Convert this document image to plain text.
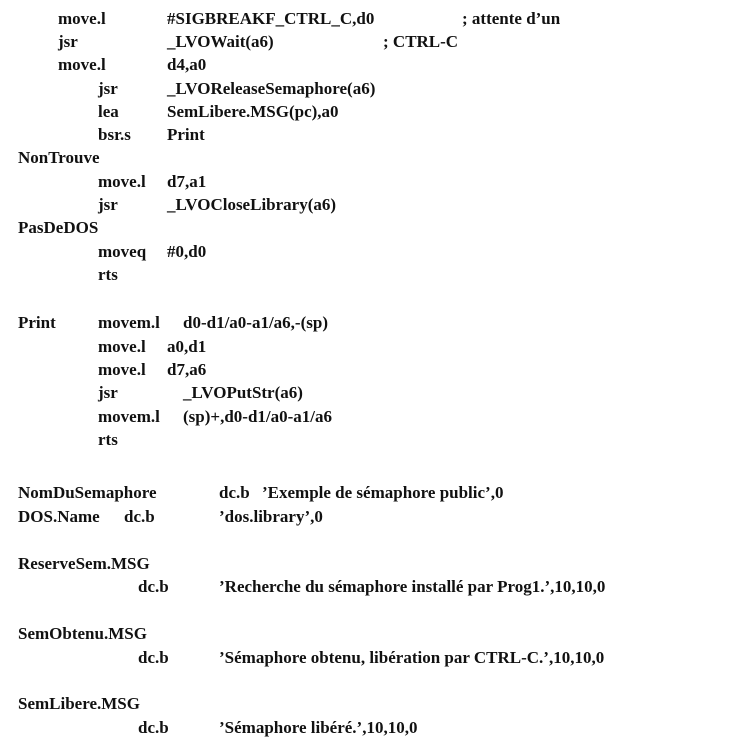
move.l	#SIGBREAKF_CTRL_C,d0	; attente d’un
jsr	_LVOWait(a6)	; CTRL-C
move.l	d4,a0
jsr	_LVOReleaseSemaphore(a6)
lea	SemLibere.MSG(pc),a0
bsr.s Print
NonTrouve
move.l d7,a1
jsr	_LVOCloseLibrary(a6)
PasDeDOS
moveq #0,d0
rts
Print movem.l d0-d1/a0-a1/a6,-(sp)
move.l a0,d1
move.l d7,a6
jsr	_LVOPutStr(a6)
movem.l (sp)+,d0-d1/a0-a1/a6
rts
NomDuSemaphore	dc.b ’Exemple de sémaphore public’,0
DOS.Name dc.b	’dos.library’,0
ReserveSem.MSG
dc.b	’Recherche du sémaphore installé par Prog1.’,10,10,0
SemObtenu.MSG
dc.b	’Sémaphore obtenu, libération par CTRL-C.’,10,10,0
SemLibere.MSG
dc.b	’Sémaphore libéré.’,10,10,0
